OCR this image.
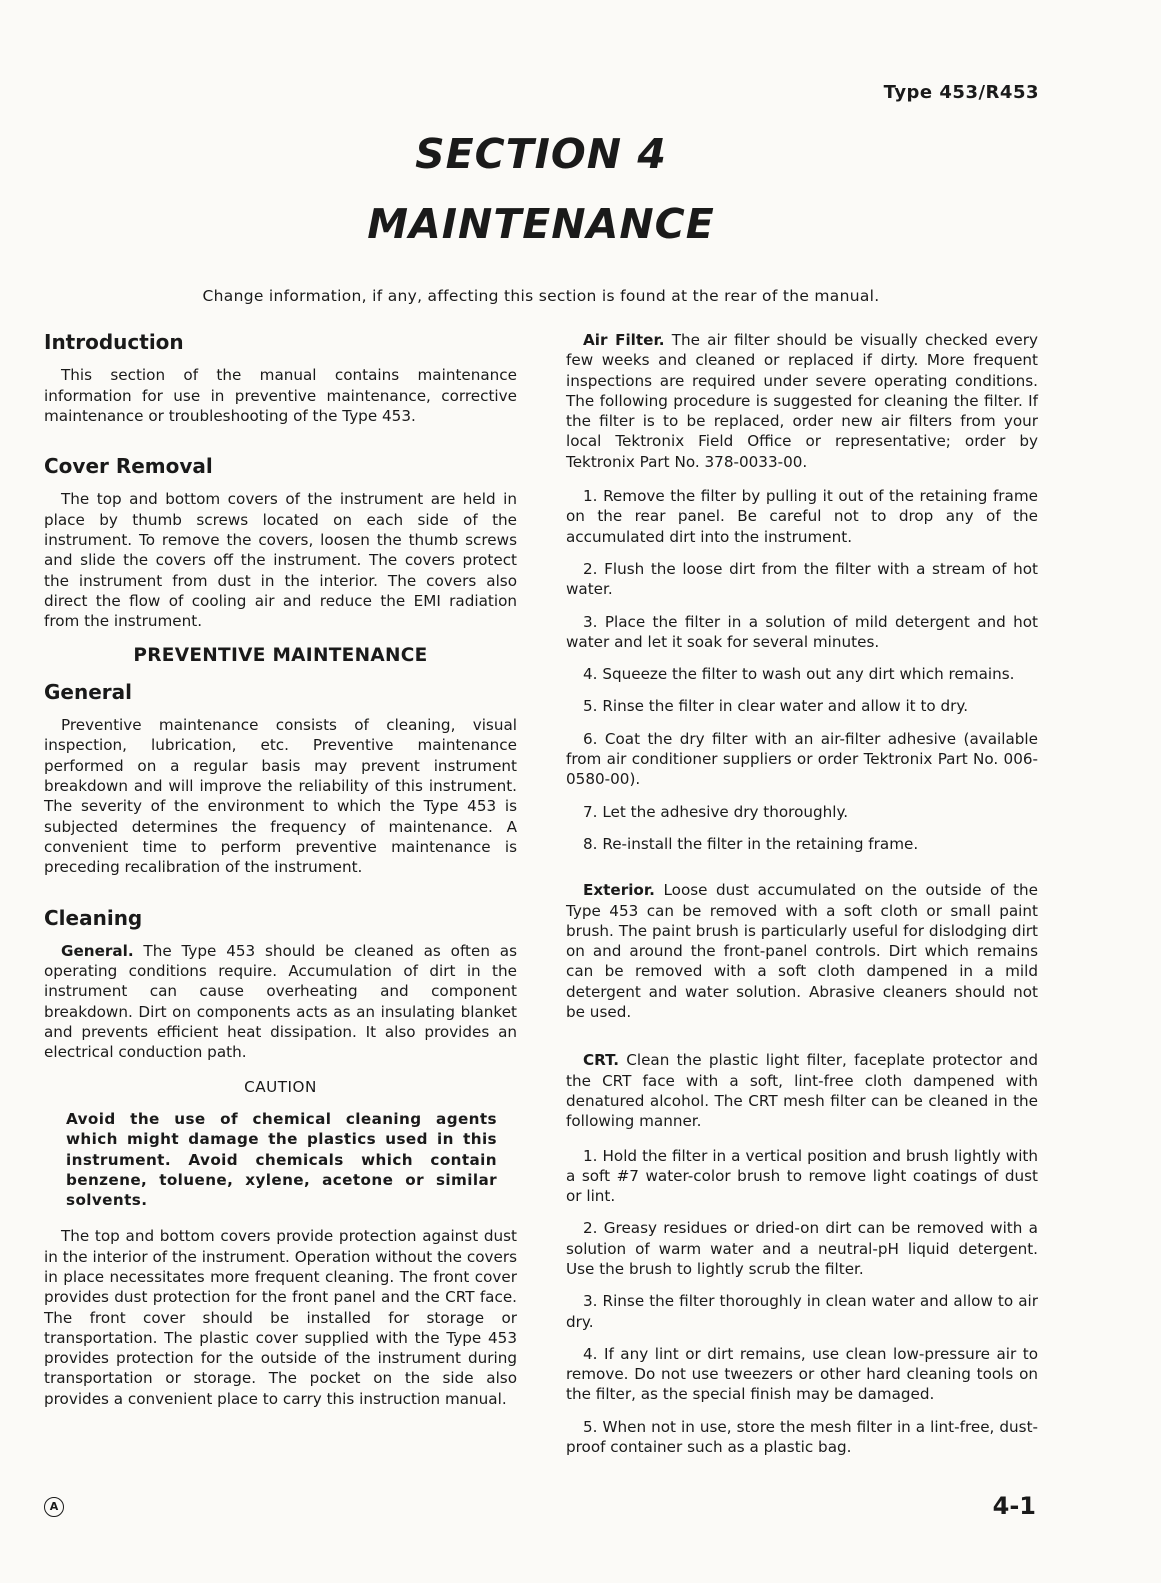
Type 453/R453
SECTION 4
MAINTENANCE
Change information, if any, affecting this section is found at the rear of the manual.
Introduction

This section of the manual contains maintenance information for use in preventive maintenance, corrective maintenance or troubleshooting of the Type 453.

Cover Removal

The top and bottom covers of the instrument are held in place by thumb screws located on each side of the instrument. To remove the covers, loosen the thumb screws and slide the covers off the instrument. The covers protect the instrument from dust in the interior. The covers also direct the flow of cooling air and reduce the EMI radiation from the instrument.

PREVENTIVE MAINTENANCE
General

Preventive maintenance consists of cleaning, visual inspection, lubrication, etc. Preventive maintenance performed on a regular basis may prevent instrument breakdown and will improve the reliability of this instrument. The severity of the environment to which the Type 453 is subjected determines the frequency of maintenance. A convenient time to perform preventive maintenance is preceding recalibration of the instrument.

Cleaning

General. The Type 453 should be cleaned as often as operating conditions require. Accumulation of dirt in the instrument can cause overheating and component breakdown. Dirt on components acts as an insulating blanket and prevents efficient heat dissipation. It also provides an electrical conduction path.

CAUTION
Avoid the use of chemical cleaning agents which might damage the plastics used in this instrument. Avoid chemicals which contain benzene, toluene, xylene, acetone or similar solvents.

The top and bottom covers provide protection against dust in the interior of the instrument. Operation without the covers in place necessitates more frequent cleaning. The front cover provides dust protection for the front panel and the CRT face. The front cover should be installed for storage or transportation. The plastic cover supplied with the Type 453 provides protection for the outside of the instrument during transportation or storage. The pocket on the side also provides a convenient place to carry this instruction manual.

Air Filter. The air filter should be visually checked every few weeks and cleaned or replaced if dirty. More frequent inspections are required under severe operating conditions. The following procedure is suggested for cleaning the filter. If the filter is to be replaced, order new air filters from your local Tektronix Field Office or representative; order by Tektronix Part No. 378-0033-00.

1. Remove the filter by pulling it out of the retaining frame on the rear panel. Be careful not to drop any of the accumulated dirt into the instrument.
2. Flush the loose dirt from the filter with a stream of hot water.
3. Place the filter in a solution of mild detergent and hot water and let it soak for several minutes.
4. Squeeze the filter to wash out any dirt which remains.
5. Rinse the filter in clear water and allow it to dry.
6. Coat the dry filter with an air-filter adhesive (available from air conditioner suppliers or order Tektronix Part No. 006-0580-00).
7. Let the adhesive dry thoroughly.
8. Re-install the filter in the retaining frame.

Exterior. Loose dust accumulated on the outside of the Type 453 can be removed with a soft cloth or small paint brush. The paint brush is particularly useful for dislodging dirt on and around the front-panel controls. Dirt which remains can be removed with a soft cloth dampened in a mild detergent and water solution. Abrasive cleaners should not be used.

CRT. Clean the plastic light filter, faceplate protector and the CRT face with a soft, lint-free cloth dampened with denatured alcohol. The CRT mesh filter can be cleaned in the following manner.

1. Hold the filter in a vertical position and brush lightly with a soft #7 water-color brush to remove light coatings of dust or lint.
2. Greasy residues or dried-on dirt can be removed with a solution of warm water and a neutral-pH liquid detergent. Use the brush to lightly scrub the filter.
3. Rinse the filter thoroughly in clean water and allow to air dry.
4. If any lint or dirt remains, use clean low-pressure air to remove. Do not use tweezers or other hard cleaning tools on the filter, as the special finish may be damaged.
5. When not in use, store the mesh filter in a lint-free, dust-proof container such as a plastic bag.
A	4-1
